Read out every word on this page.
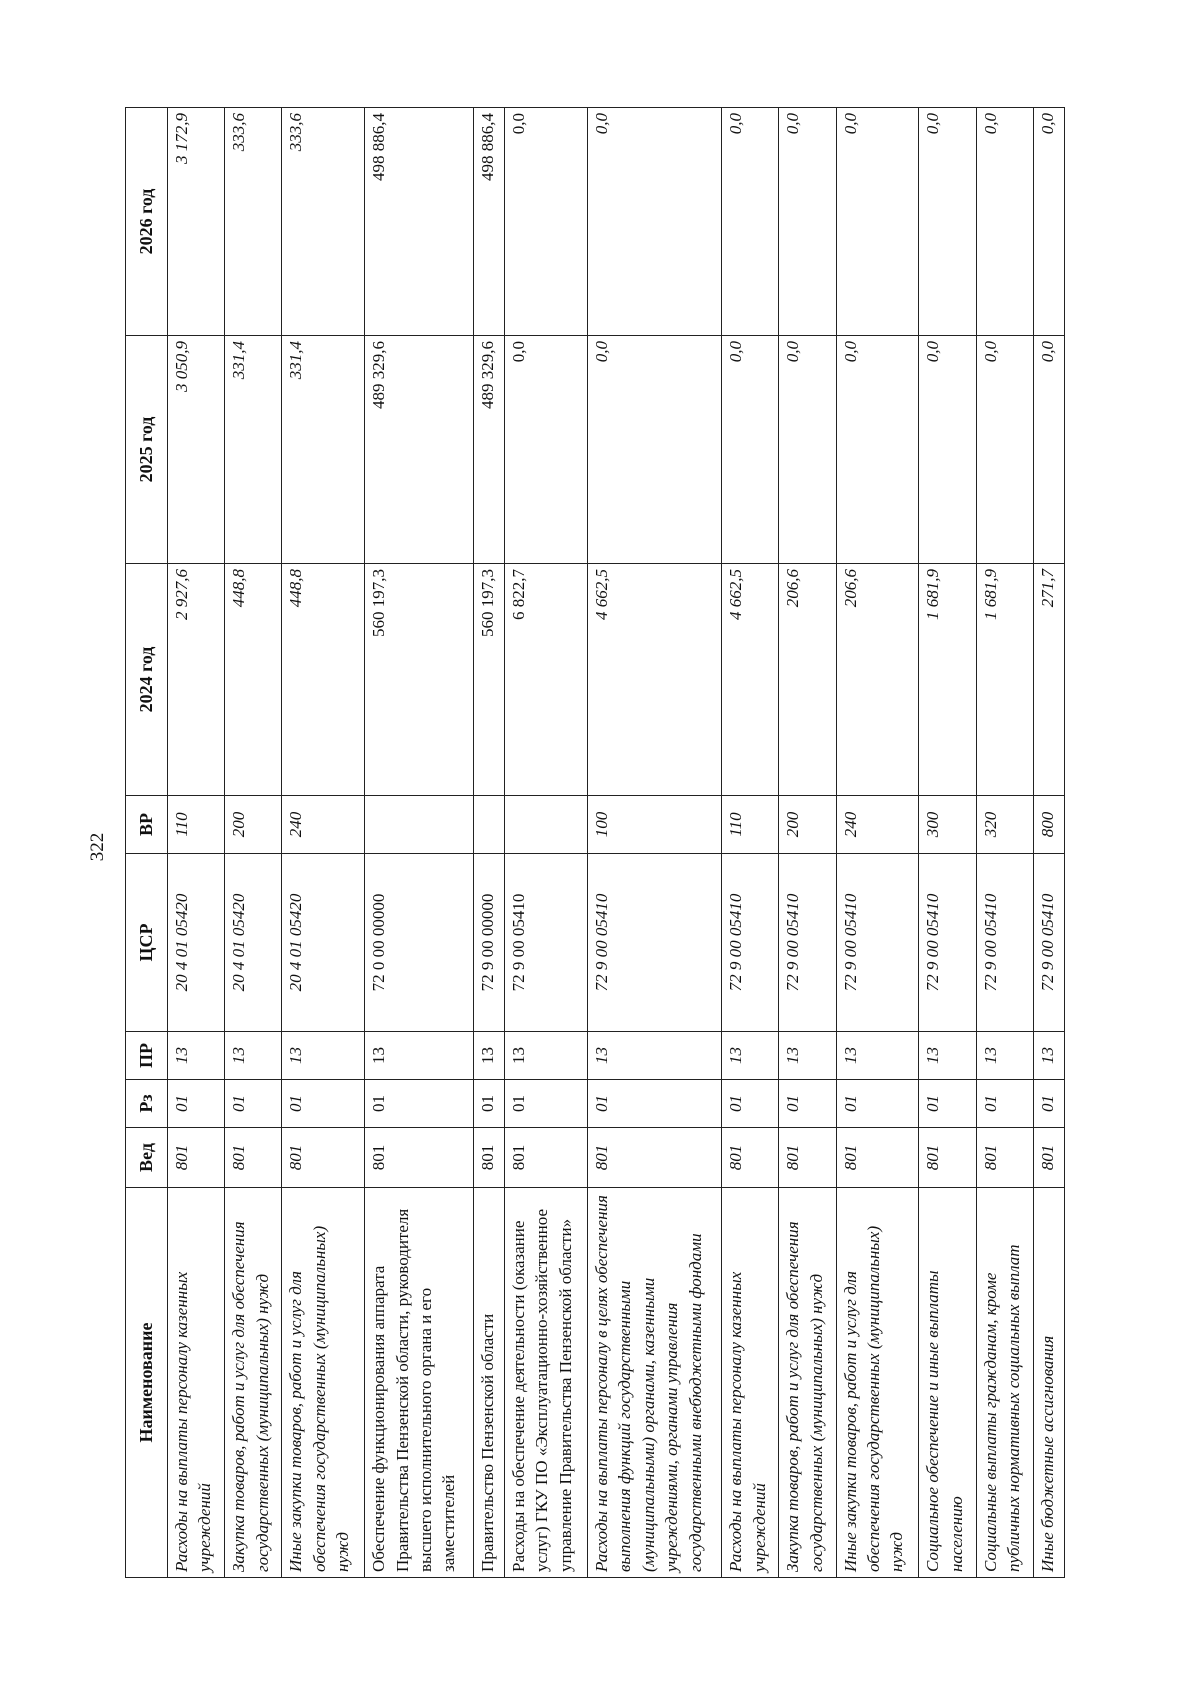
322
Наименование	Вед	Рз	ПР	ЦСР	ВР	2024 год	2025 год	2026 год
Расходы на выплаты персоналу казенных учреждений	801	01	13	20 4 01 05420	110	2 927,6	3 050,9	3 172,9
Закупка товаров, работ и услуг для обеспечения государственных (муниципальных) нужд	801	01	13	20 4 01 05420	200	448,8	331,4	333,6
Иные закупки товаров, работ и услуг для обеспечения государственных (муниципальных) нужд	801	01	13	20 4 01 05420	240	448,8	331,4	333,6
Обеспечение функционирования аппарата Правительства Пензенской области, руководителя высшего исполнительного органа и его заместителей	801	01	13	72 0 00 00000		560 197,3	489 329,6	498 886,4
Правительство Пензенской области	801	01	13	72 9 00 00000		560 197,3	489 329,6	498 886,4
Расходы на обеспечение деятельности (оказание услуг) ГКУ ПО «Эксплуатационно-хозяйственное управление Правительства Пензенской области»	801	01	13	72 9 00 05410		6 822,7	0,0	0,0
Расходы на выплаты персоналу в целях обеспечения выполнения функций государственными (муниципальными) органами, казенными учреждениями, органами управления государственными внебюджетными фондами	801	01	13	72 9 00 05410	100	4 662,5	0,0	0,0
Расходы на выплаты персоналу казенных учреждений	801	01	13	72 9 00 05410	110	4 662,5	0,0	0,0
Закупка товаров, работ и услуг для обеспечения государственных (муниципальных) нужд	801	01	13	72 9 00 05410	200	206,6	0,0	0,0
Иные закупки товаров, работ и услуг для обеспечения государственных (муниципальных) нужд	801	01	13	72 9 00 05410	240	206,6	0,0	0,0
Социальное обеспечение и иные выплаты населению	801	01	13	72 9 00 05410	300	1 681,9	0,0	0,0
Социальные выплаты гражданам, кроме публичных нормативных социальных выплат	801	01	13	72 9 00 05410	320	1 681,9	0,0	0,0
Иные бюджетные ассигнования	801	01	13	72 9 00 05410	800	271,7	0,0	0,0
